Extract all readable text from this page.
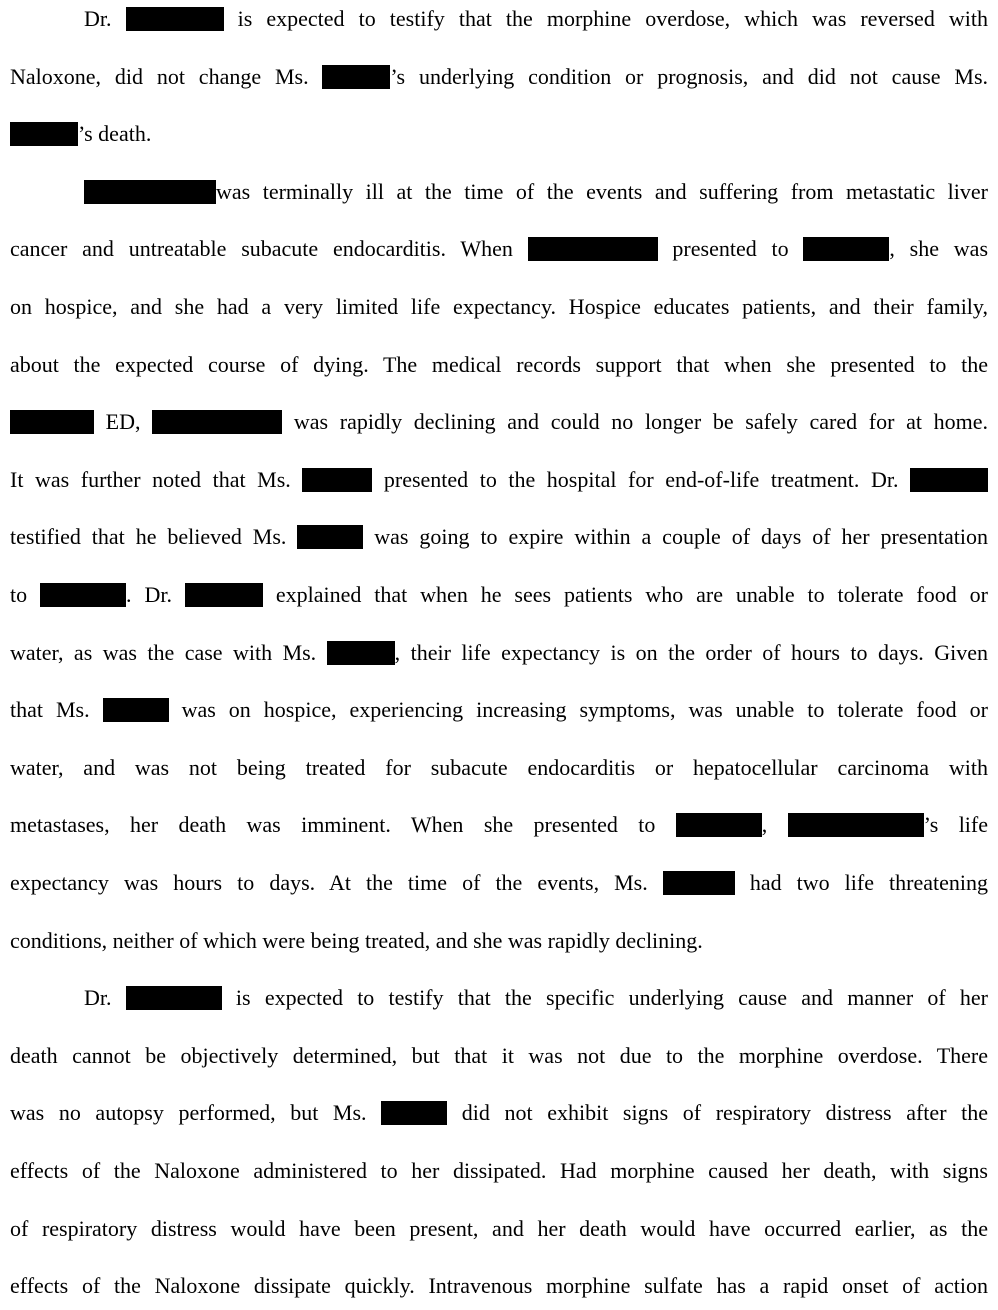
Dr.	is expected to testify that the morphine overdose, which was reversed with
Naloxone, did not change Ms.	’s underlying condition or prognosis, and did not cause Ms.
’s death.
was terminally ill at the time of the events and suffering from metastatic liver
cancer and untreatable subacute endocarditis. When	presented to	, she was
on hospice, and she had a very limited life expectancy. Hospice educates patients, and their family,
about the expected course of dying. The medical records support that when she presented to the
ED,	was rapidly declining and could no longer be safely cared for at home.
It was further noted that Ms.	presented to the hospital for end-of-life treatment. Dr.
testified that he believed Ms.	was going to expire within a couple of days of her presentation
to	. Dr.	explained that when he sees patients who are unable to tolerate food or
water, as was the case with Ms.	, their life expectancy is on the order of hours to days. Given
that Ms.	was on hospice, experiencing increasing symptoms, was unable to tolerate food or
water, and was not being treated for subacute endocarditis or hepatocellular carcinoma with
metastases, her death was imminent. When she presented to	,	’s life
expectancy was hours to days. At the time of the events, Ms.	had two life threatening
conditions, neither of which were being treated, and she was rapidly declining.
Dr.	is expected to testify that the specific underlying cause and manner of her
death cannot be objectively determined, but that it was not due to the morphine overdose. There
was no autopsy performed, but Ms.	did not exhibit signs of respiratory distress after the
effects of the Naloxone administered to her dissipated. Had morphine caused her death, with signs
of respiratory distress would have been present, and her death would have occurred earlier, as the
effects of the Naloxone dissipate quickly. Intravenous morphine sulfate has a rapid onset of action
